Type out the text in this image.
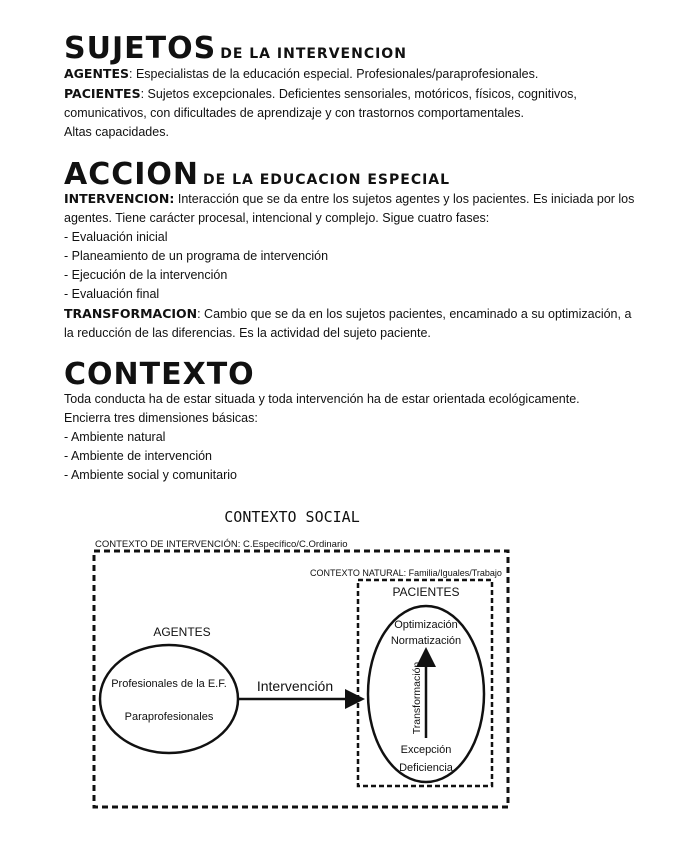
SUJETOS DE LA INTERVENCION

AGENTES: Especialistas de la educación especial. Profesionales/paraprofesionales.

PACIENTES: Sujetos excepcionales. Deficientes sensoriales, motóricos, físicos, cognitivos, comunicativos, con dificultades de aprendizaje y con trastornos comportamentales.

Altas capacidades.

ACCION DE LA EDUCACION ESPECIAL

INTERVENCION: Interacción que se da entre los sujetos agentes y los pacientes. Es iniciada por los agentes. Tiene carácter procesal, intencional y complejo. Sigue cuatro fases:

- Evaluación inicial

- Planeamiento de un programa de intervención

- Ejecución de la intervención

- Evaluación final

TRANSFORMACION: Cambio que se da en los sujetos pacientes, encaminado a su optimización, a la reducción de las diferencias. Es la actividad del sujeto paciente.

CONTEXTO

Toda conducta ha de estar situada y toda intervención ha de estar orientada ecológicamente.

Encierra tres dimensiones básicas:

- Ambiente natural

- Ambiente de intervención

- Ambiente social y comunitario

CONTEXTO SOCIAL
CONTEXTO DE INTERVENCIÓN: C.Específico/C.Ordinario
CONTEXTO NATURAL: Familia/Iguales/Trabajo
AGENTES
Profesionales de la E.F.
Paraprofesionales
Intervención
PACIENTES
Optimización
Normatización
Transformación
Excepción
Deficiencia
